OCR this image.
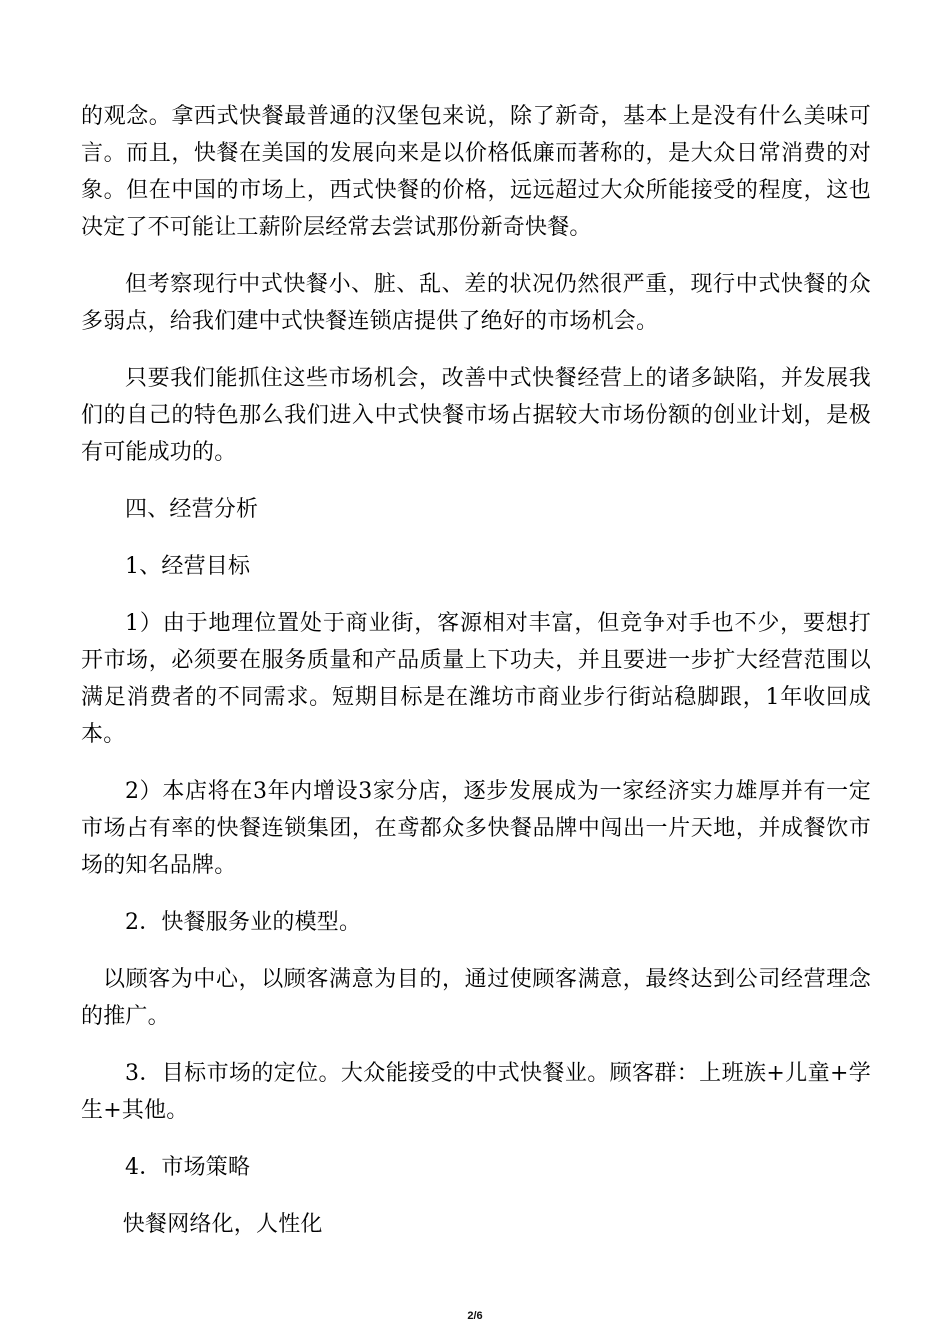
的观念。拿西式快餐最普通的汉堡包来说，除了新奇，基本上是没有什么美味可言。而且，快餐在美国的发展向来是以价格低廉而著称的，是大众日常消费的对象。但在中国的市场上，西式快餐的价格，远远超过大众所能接受的程度，这也决定了不可能让工薪阶层经常去尝试那份新奇快餐。

但考察现行中式快餐小、脏、乱、差的状况仍然很严重，现行中式快餐的众多弱点，给我们建中式快餐连锁店提供了绝好的市场机会。

只要我们能抓住这些市场机会，改善中式快餐经营上的诸多缺陷，并发展我们的自己的特色那么我们进入中式快餐市场占据较大市场份额的创业计划，是极有可能成功的。

四、经营分析

1、经营目标

1）由于地理位置处于商业街，客源相对丰富，但竞争对手也不少，要想打开市场，必须要在服务质量和产品质量上下功夫，并且要进一步扩大经营范围以满足消费者的不同需求。短期目标是在潍坊市商业步行街站稳脚跟，1年收回成本。

2）本店将在3年内增设3家分店，逐步发展成为一家经济实力雄厚并有一定市场占有率的快餐连锁集团，在鸢都众多快餐品牌中闯出一片天地，并成餐饮市场的知名品牌。

2．快餐服务业的模型。

以顾客为中心，以顾客满意为目的，通过使顾客满意，最终达到公司经营理念的推广。

3．目标市场的定位。大众能接受的中式快餐业。顾客群：上班族+儿童+学生+其他。

4．市场策略

快餐网络化，人性化

2/6
